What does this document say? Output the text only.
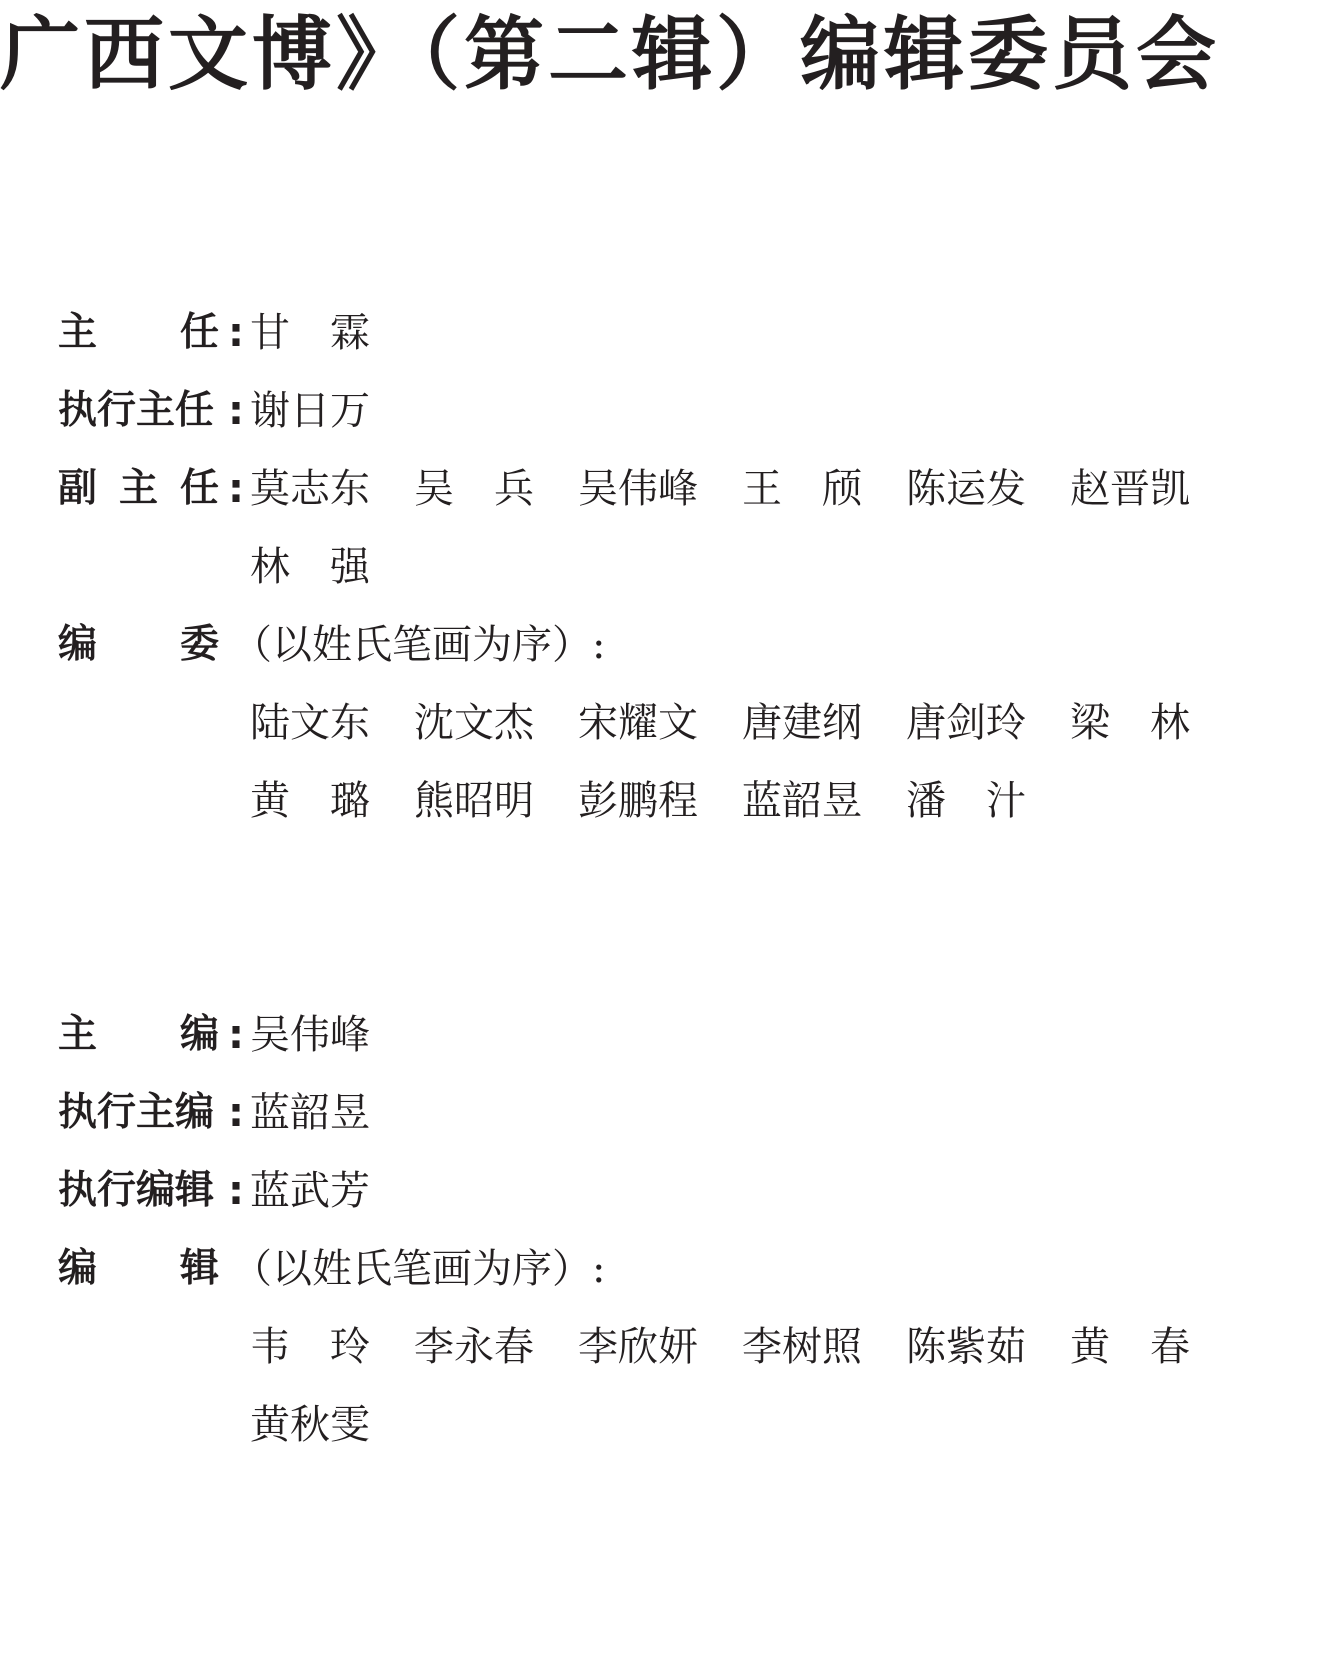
广西文博》（第二辑）编辑委员会
主 任 : 甘　霖
执行主任 : 谢日万
副 主 任 : 莫志东 吴　兵 吴伟峰 王　颀 陈运发 赵晋凯
林　强
编 委 （以姓氏笔画为序）:
陆文东 沈文杰 宋耀文 唐建纲 唐剑玲 梁　林
黄　璐 熊昭明 彭鹏程 蓝韶昱 潘　汁
主 编 : 吴伟峰
执行主编 : 蓝韶昱
执行编辑 : 蓝武芳
编 辑 （以姓氏笔画为序）:
韦　玲 李永春 李欣妍 李树照 陈紫茹 黄　春
黄秋雯
